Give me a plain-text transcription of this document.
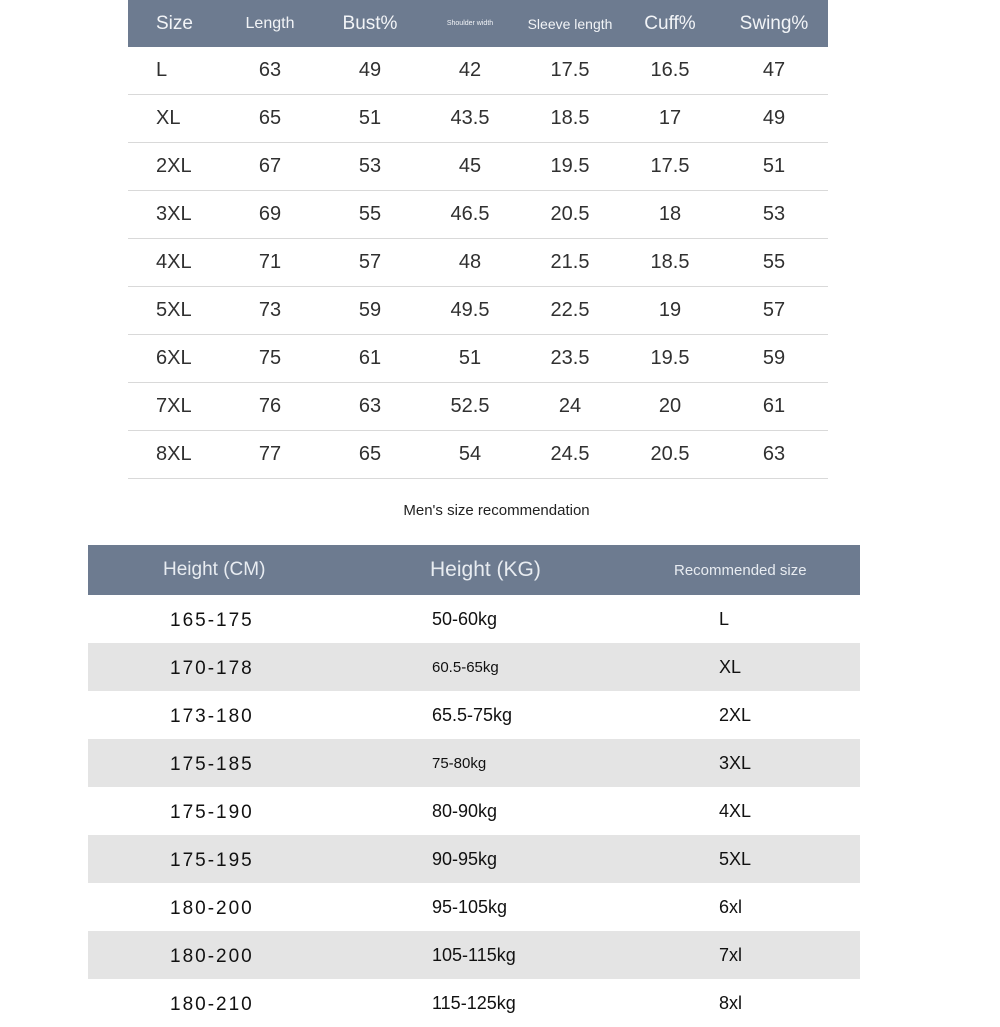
Size	Length	Bust%	Shoulder width	Sleeve length	Cuff%	Swing%
L	63	49	42	17.5	16.5	47
XL	65	51	43.5	18.5	17	49
2XL	67	53	45	19.5	17.5	51
3XL	69	55	46.5	20.5	18	53
4XL	71	57	48	21.5	18.5	55
5XL	73	59	49.5	22.5	19	57
6XL	75	61	51	23.5	19.5	59
7XL	76	63	52.5	24	20	61
8XL	77	65	54	24.5	20.5	63
Men's size recommendation
Height (CM)	Height (KG)	Recommended size
165-175	50-60kg	L
170-178	60.5-65kg	XL
173-180	65.5-75kg	2XL
175-185	75-80kg	3XL
175-190	80-90kg	4XL
175-195	90-95kg	5XL
180-200	95-105kg	6xl
180-200	105-115kg	7xl
180-210	115-125kg	8xl
